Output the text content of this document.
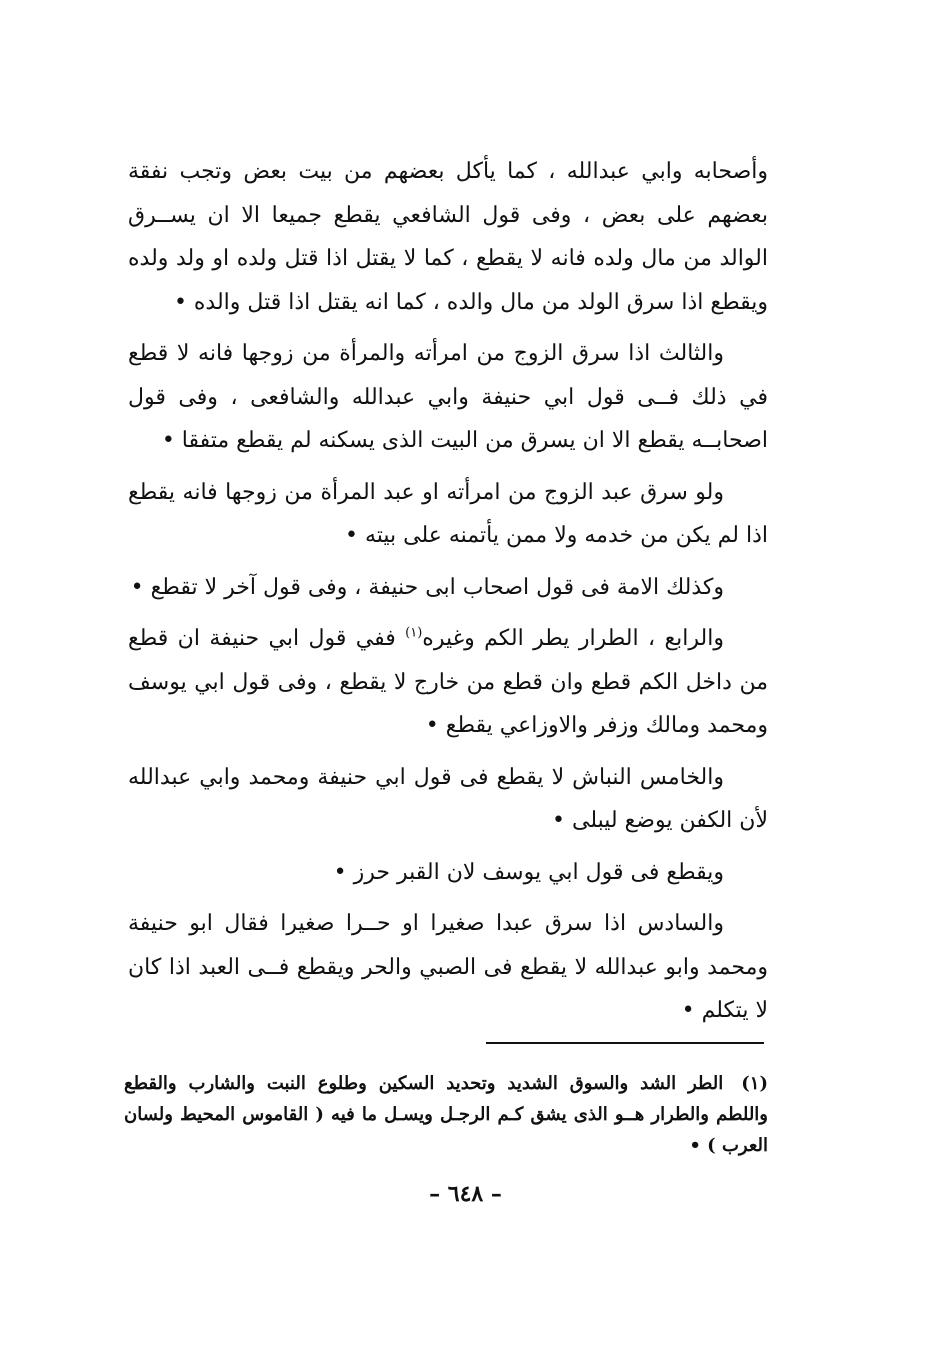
وأصحابه وابي عبدالله ، كما يأكل بعضهم من بيت بعض وتجب نفقة بعضهم على بعض ، وفى قول الشافعي يقطع جميعا الا ان يســرق الوالد من مال ولده فانه لا يقطع ، كما لا يقتل اذا قتل ولده او ولد ولده ويقطع اذا سرق الولد من مال والده ، كما انه يقتل اذا قتل والده •

والثالث اذا سرق الزوج من امرأته والمرأة من زوجها فانه لا قطع في ذلك فــى قول ابي حنيفة وابي عبدالله والشافعى ، وفى قول اصحابــه يقطع الا ان يسرق من البيت الذى يسكنه لم يقطع متفقا •

ولو سرق عبد الزوج من امرأته او عبد المرأة من زوجها فانه يقطع اذا لم يكن من خدمه ولا ممن يأتمنه على بيته •

وكذلك الامة فى قول اصحاب ابى حنيفة ، وفى قول آخر لا تقطع •

والرابع ، الطرار يطر الكم وغيره$^{(١)}$ ففي قول ابي حنيفة ان قطع من داخل الكم قطع وان قطع من خارج لا يقطع ، وفى قول ابي يوسف ومحمد ومالك وزفر والاوزاعي يقطع •

والخامس النباش لا يقطع فى قول ابي حنيفة ومحمد وابي عبدالله لأن الكفن يوضع ليبلى •

ويقطع فى قول ابي يوسف لان القبر حرز •

والسادس اذا سرق عبدا صغيرا او حــرا صغيرا فقال ابو حنيفة ومحمد وابو عبدالله لا يقطع فى الصبي والحر ويقطع فــى العبد اذا كان لا يتكلم •

(١)الطر الشد والسوق الشديد وتحديد السكين وطلوع النبت والشارب والقطع واللطم والطرار هــو الذى يشق كـم الرجـل ويسـل ما فيه ( القاموس المحيط ولسان العرب ) •
– ٦٤٨ –
